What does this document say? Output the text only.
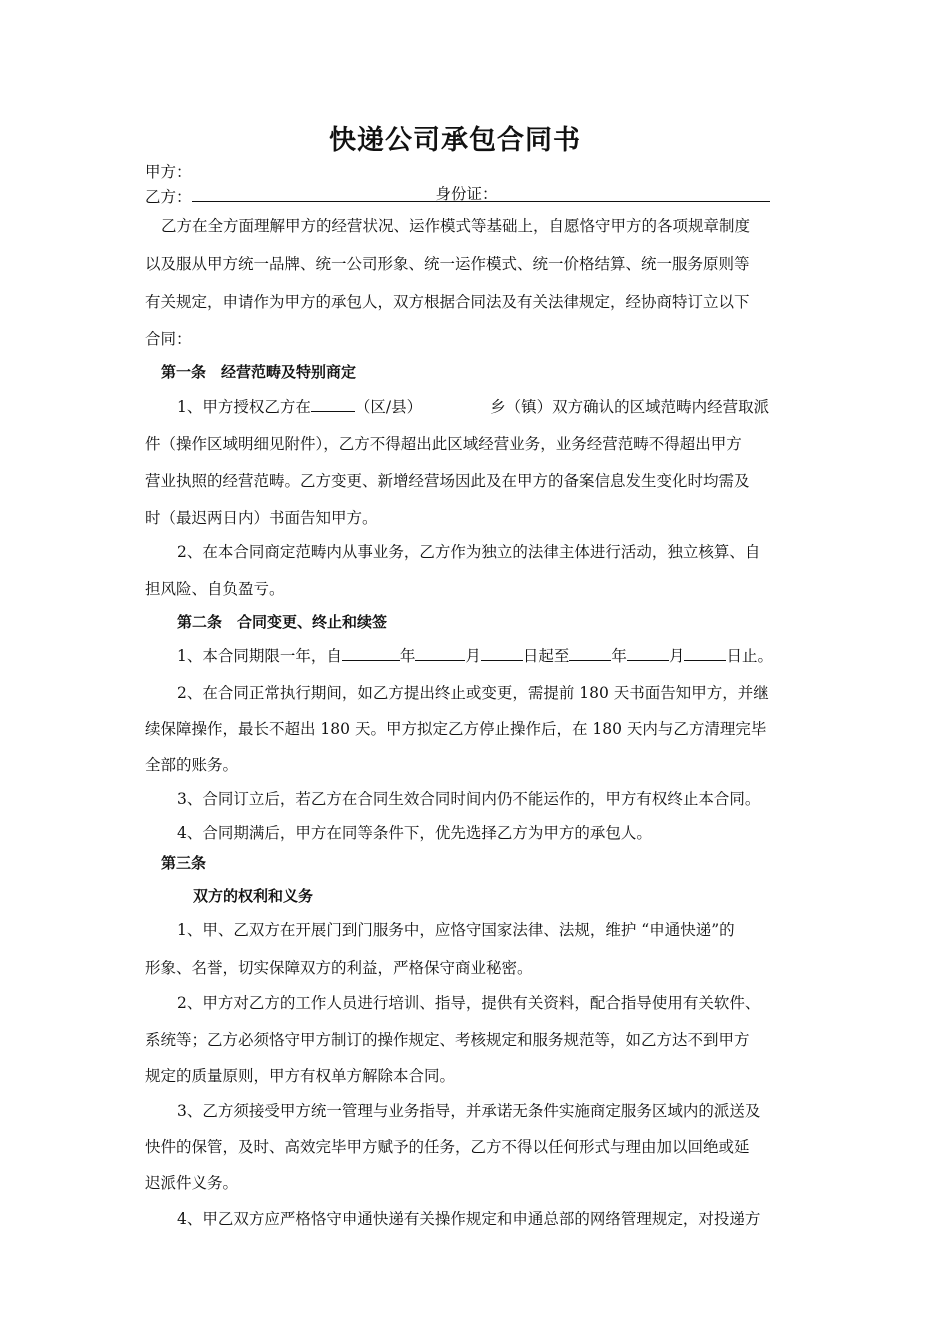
快递公司承包合同书
甲方：
乙方：	身份证：
乙方在全方面理解甲方的经营状况、运作模式等基础上，自愿恪守甲方的各项规章制度
以及服从甲方统一品牌、统一公司形象、统一运作模式、统一价格结算、统一服务原则等
有关规定，申请作为甲方的承包人，双方根据合同法及有关法律规定，经协商特订立以下
合同：
第一条　经营范畴及特别商定
1、甲方授权乙方在	（区/县）	乡（镇）双方确认的区域范畴内经营取派
件（操作区域明细见附件），乙方不得超出此区域经营业务，业务经营范畴不得超出甲方
营业执照的经营范畴。乙方变更、新增经营场因此及在甲方的备案信息发生变化时均需及
时（最迟两日内）书面告知甲方。
2、在本合同商定范畴内从事业务，乙方作为独立的法律主体进行活动，独立核算、自
担风险、自负盈亏。
第二条　合同变更、终止和续签
1、本合同期限一年，自	年	月	日起至	年	月	日止。
2、在合同正常执行期间，如乙方提出终止或变更，需提前 180 天书面告知甲方，并继
续保障操作，最长不超出 180 天。甲方拟定乙方停止操作后，在 180 天内与乙方清理完毕
全部的账务。
3、合同订立后，若乙方在合同生效合同时间内仍不能运作的，甲方有权终止本合同。
4、合同期满后，甲方在同等条件下，优先选择乙方为甲方的承包人。
第三条
双方的权利和义务
1、甲、乙双方在开展门到门服务中，应恪守国家法律、法规，维护 “申通快递”的
形象、名誉，切实保障双方的利益，严格保守商业秘密。
2、甲方对乙方的工作人员进行培训、指导，提供有关资料，配合指导使用有关软件、
系统等；乙方必须恪守甲方制订的操作规定、考核规定和服务规范等，如乙方达不到甲方
规定的质量原则，甲方有权单方解除本合同。
3、乙方须接受甲方统一管理与业务指导，并承诺无条件实施商定服务区域内的派送及
快件的保管，及时、高效完毕甲方赋予的任务，乙方不得以任何形式与理由加以回绝或延
迟派件义务。
4、甲乙双方应严格恪守申通快递有关操作规定和申通总部的网络管理规定，对投递方
